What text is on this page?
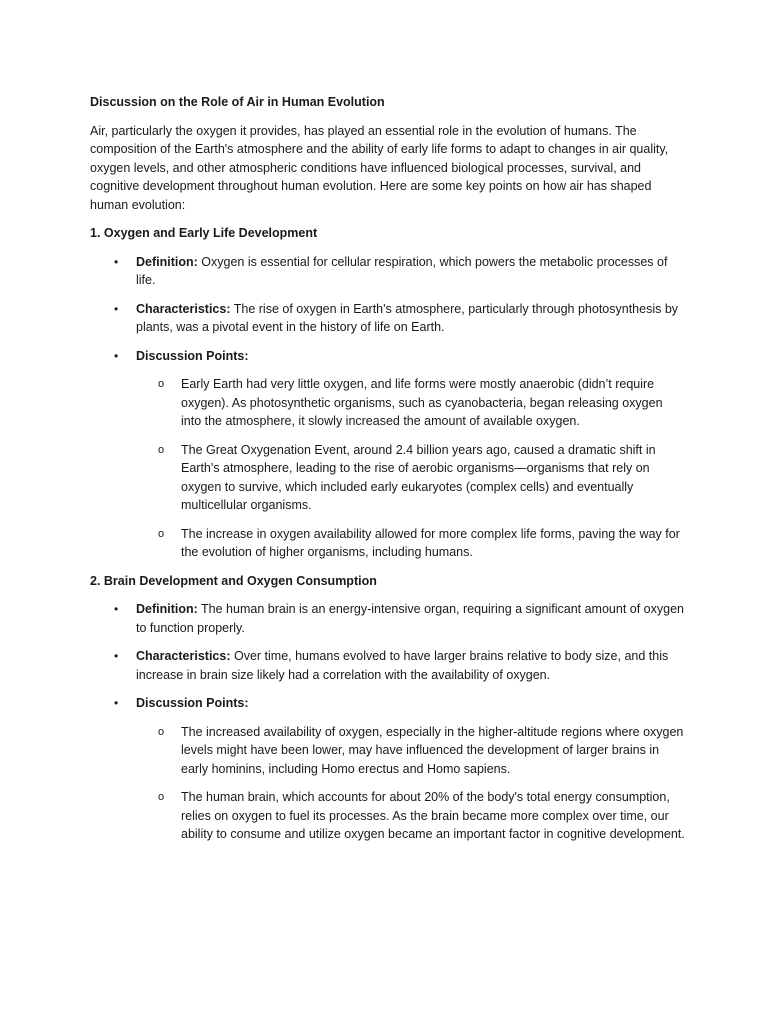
Discussion on the Role of Air in Human Evolution

Air, particularly the oxygen it provides, has played an essential role in the evolution of humans. The composition of the Earth's atmosphere and the ability of early life forms to adapt to changes in air quality, oxygen levels, and other atmospheric conditions have influenced biological processes, survival, and cognitive development throughout human evolution. Here are some key points on how air has shaped human evolution:

1. Oxygen and Early Life Development

• Definition: Oxygen is essential for cellular respiration, which powers the metabolic processes of life.
• Characteristics: The rise of oxygen in Earth's atmosphere, particularly through photosynthesis by plants, was a pivotal event in the history of life on Earth.
• Discussion Points:
o Early Earth had very little oxygen, and life forms were mostly anaerobic (didn’t require oxygen). As photosynthetic organisms, such as cyanobacteria, began releasing oxygen into the atmosphere, it slowly increased the amount of available oxygen.
o The Great Oxygenation Event, around 2.4 billion years ago, caused a dramatic shift in Earth's atmosphere, leading to the rise of aerobic organisms—organisms that rely on oxygen to survive, which included early eukaryotes (complex cells) and eventually multicellular organisms.
o The increase in oxygen availability allowed for more complex life forms, paving the way for the evolution of higher organisms, including humans.

2. Brain Development and Oxygen Consumption

• Definition: The human brain is an energy-intensive organ, requiring a significant amount of oxygen to function properly.
• Characteristics: Over time, humans evolved to have larger brains relative to body size, and this increase in brain size likely had a correlation with the availability of oxygen.
• Discussion Points:
o The increased availability of oxygen, especially in the higher-altitude regions where oxygen levels might have been lower, may have influenced the development of larger brains in early hominins, including Homo erectus and Homo sapiens.
o The human brain, which accounts for about 20% of the body's total energy consumption, relies on oxygen to fuel its processes. As the brain became more complex over time, our ability to consume and utilize oxygen became an important factor in cognitive development.
